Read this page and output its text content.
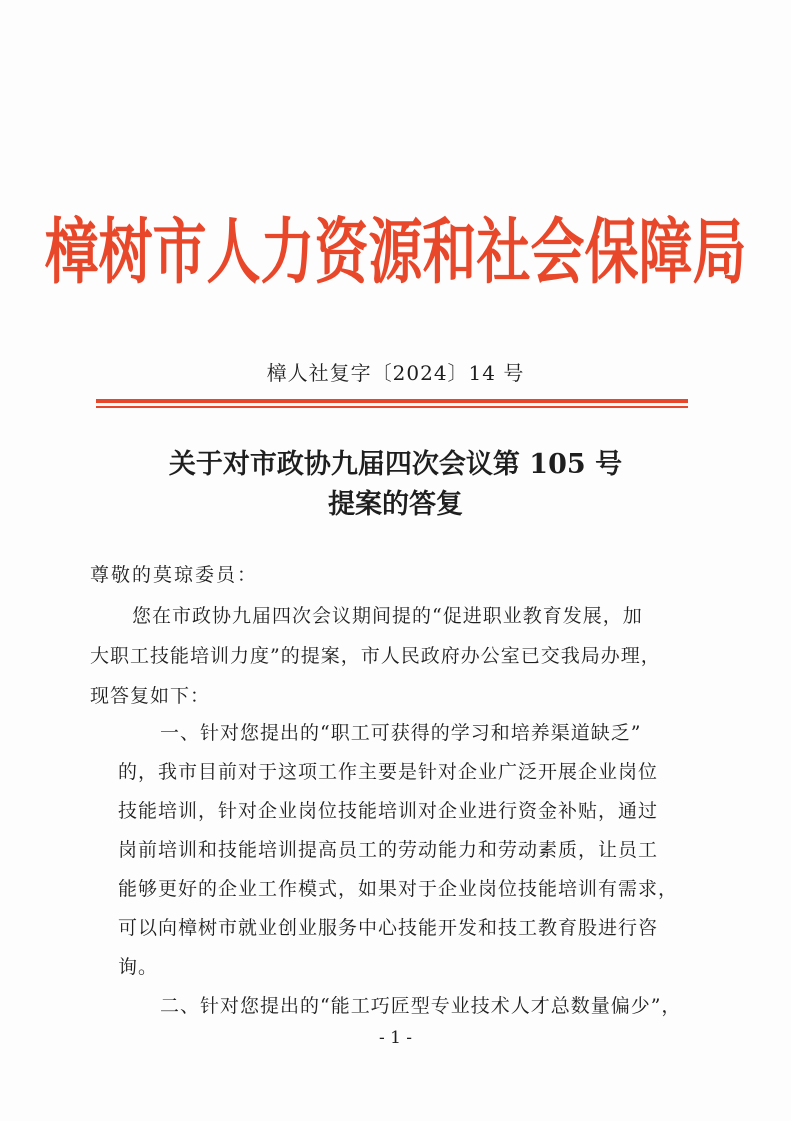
樟树市人力资源和社会保障局
樟人社复字〔2024〕14 号
关于对市政协九届四次会议第 105 号
提案的答复
尊敬的莫琼委员：
您在市政协九届四次会议期间提的“促进职业教育发展，加
大职工技能培训力度”的提案，市人民政府办公室已交我局办理，
现答复如下：
一、针对您提出的“职工可获得的学习和培养渠道缺乏”
的，我市目前对于这项工作主要是针对企业广泛开展企业岗位
技能培训，针对企业岗位技能培训对企业进行资金补贴，通过
岗前培训和技能培训提高员工的劳动能力和劳动素质，让员工
能够更好的企业工作模式，如果对于企业岗位技能培训有需求，
可以向樟树市就业创业服务中心技能开发和技工教育股进行咨
询。
二、针对您提出的“能工巧匠型专业技术人才总数量偏少”，
- 1 -
